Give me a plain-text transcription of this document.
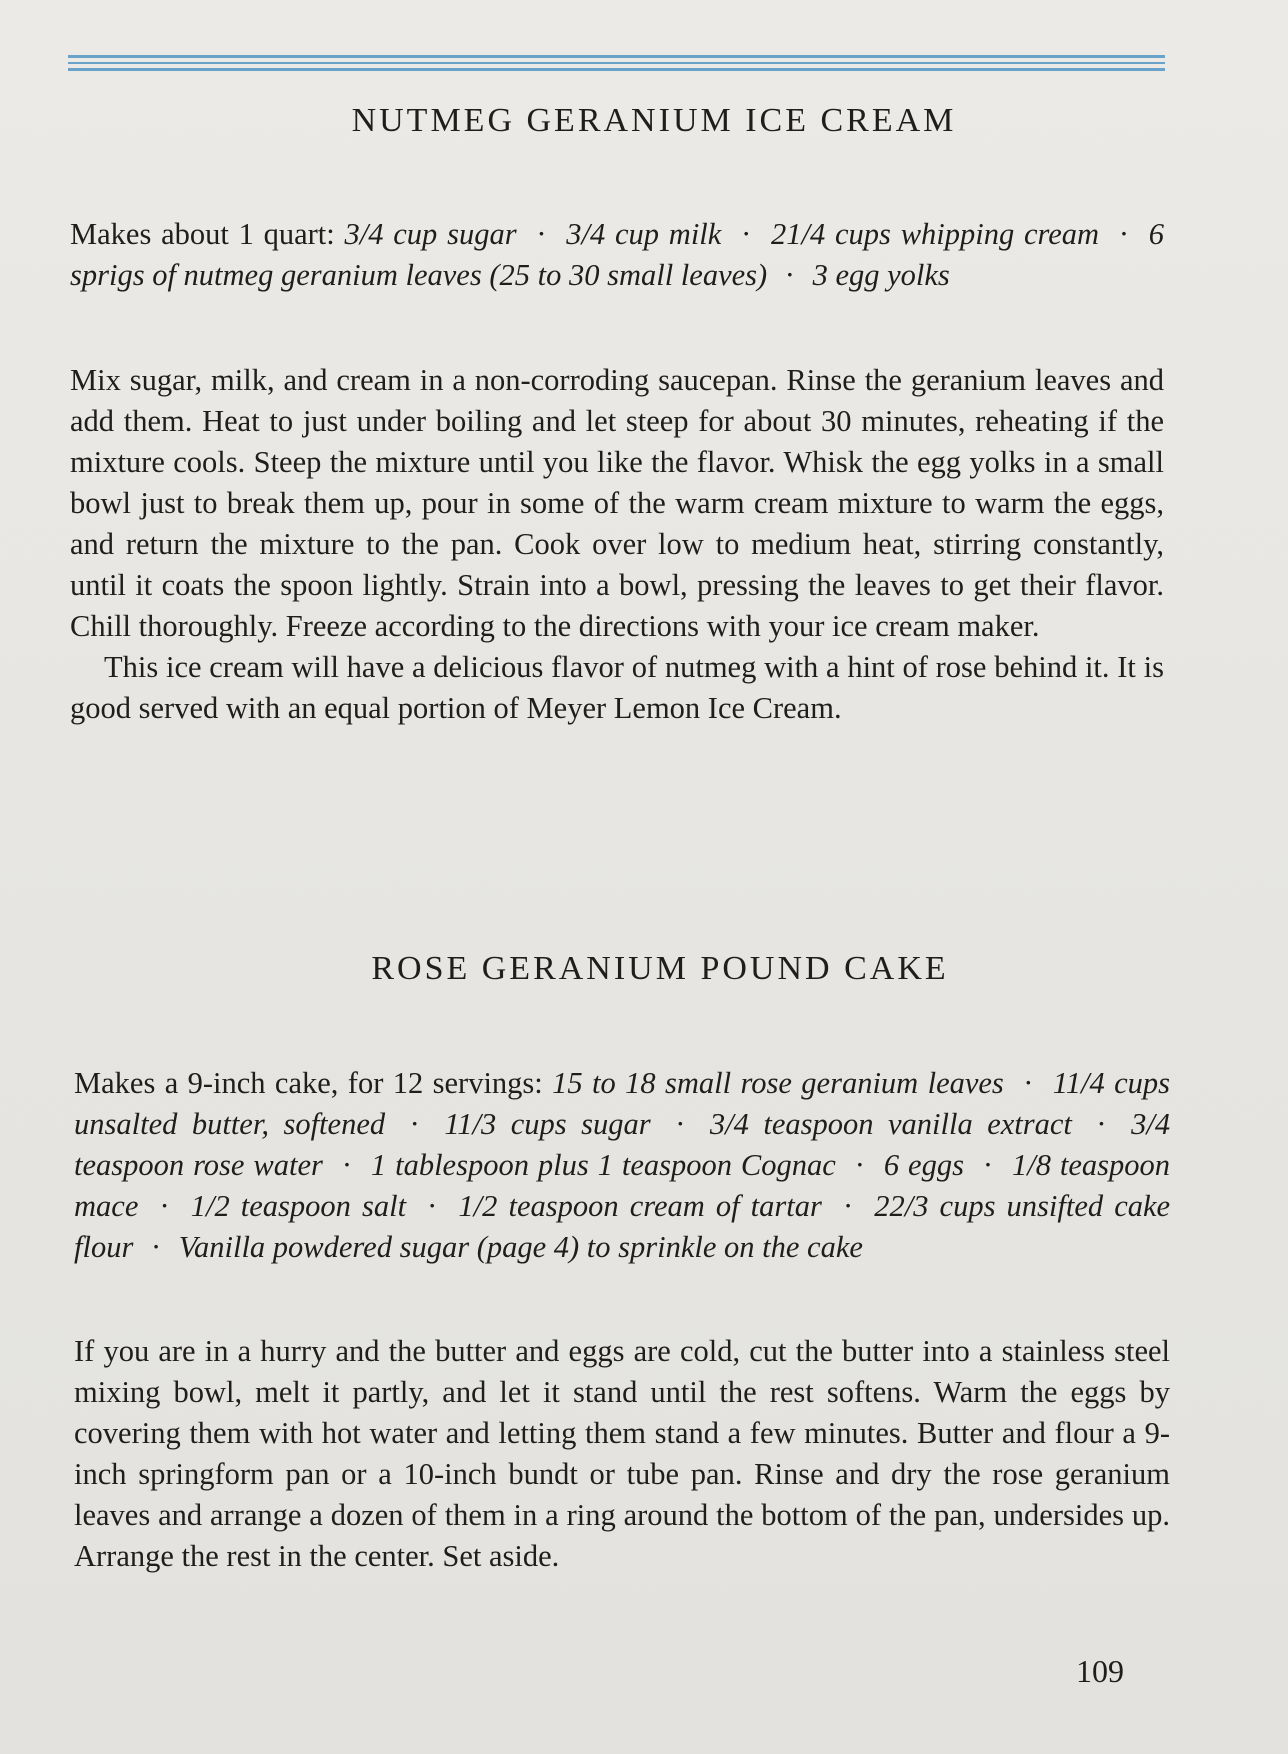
NUTMEG GERANIUM ICE CREAM

Makes about 1 quart: 3/4 cup sugar · 3/4 cup milk · 21/4 cups whipping cream · 6 sprigs of nutmeg geranium leaves (25 to 30 small leaves) · 3 egg yolks

Mix sugar, milk, and cream in a non-corroding saucepan. Rinse the geranium leaves and add them. Heat to just under boiling and let steep for about 30 minutes, reheating if the mixture cools. Steep the mixture until you like the flavor. Whisk the egg yolks in a small bowl just to break them up, pour in some of the warm cream mixture to warm the eggs, and return the mixture to the pan. Cook over low to medium heat, stirring constantly, until it coats the spoon lightly. Strain into a bowl, pressing the leaves to get their flavor. Chill thoroughly. Freeze according to the directions with your ice cream maker.

This ice cream will have a delicious flavor of nutmeg with a hint of rose behind it. It is good served with an equal portion of Meyer Lemon Ice Cream.

ROSE GERANIUM POUND CAKE

Makes a 9-inch cake, for 12 servings: 15 to 18 small rose geranium leaves · 11/4 cups unsalted butter, softened · 11/3 cups sugar · 3/4 teaspoon vanilla extract · 3/4 teaspoon rose water · 1 tablespoon plus 1 teaspoon Cognac · 6 eggs · 1/8 teaspoon mace · 1/2 teaspoon salt · 1/2 teaspoon cream of tartar · 22/3 cups unsifted cake flour · Vanilla powdered sugar (page 4) to sprinkle on the cake

If you are in a hurry and the butter and eggs are cold, cut the butter into a stainless steel mixing bowl, melt it partly, and let it stand until the rest softens. Warm the eggs by covering them with hot water and letting them stand a few minutes. Butter and flour a 9-inch springform pan or a 10-inch bundt or tube pan. Rinse and dry the rose geranium leaves and arrange a dozen of them in a ring around the bottom of the pan, undersides up. Arrange the rest in the center. Set aside.

109
